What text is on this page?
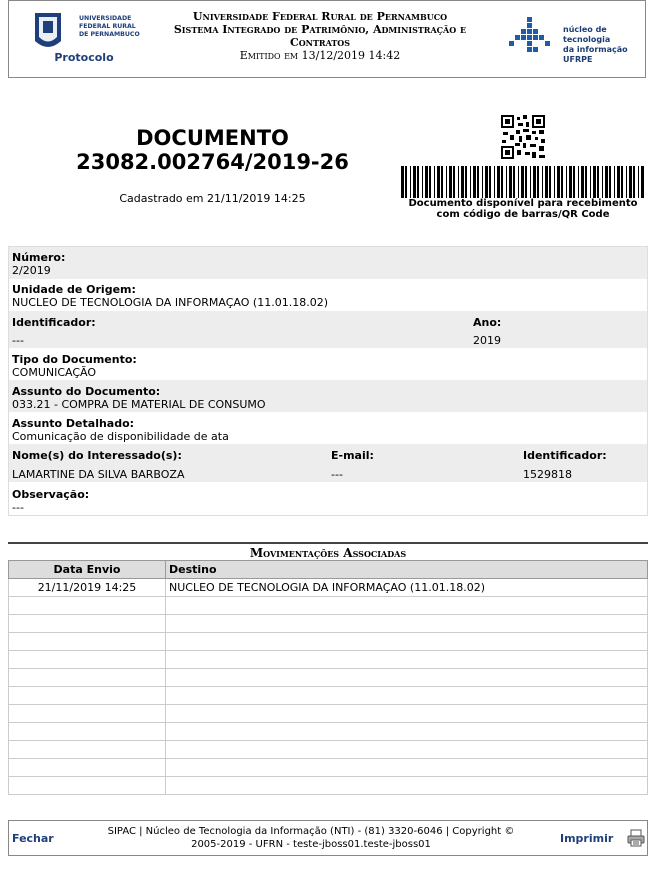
UNIVERSIDADE
FEDERAL RURAL
DE PERNAMBUCO
Protocolo
Universidade Federal Rural de Pernambuco
Sistema Integrado de Patrimônio, Administração e Contratos
Emitido em 13/12/2019 14:42
núcleo de tecnologia
da informação UFRPE
DOCUMENTO
23082.002764/2019-26
Cadastrado em 21/11/2019 14:25	Documento disponível para recebimento com código de barras/QR Code
Número:
2/2019
Unidade de Origem:
NUCLEO DE TECNOLOGIA DA INFORMAÇAO (11.01.18.02)
Identificador:
---
Ano:
2019
Tipo do Documento:
COMUNICAÇÃO
Assunto do Documento:
033.21 - COMPRA DE MATERIAL DE CONSUMO
Assunto Detalhado:
Comunicação de disponibilidade de ata
Nome(s) do Interessado(s):
LAMARTINE DA SILVA BARBOZA
E-mail:
---
Identificador:
1529818
Observação:
---
Movimentações Associadas
Data Envio	Destino
21/11/2019 14:25	NUCLEO DE TECNOLOGIA DA INFORMAÇAO (11.01.18.02)

Fechar
SIPAC | Núcleo de Tecnologia da Informação (NTI) - (81) 3320-6046 | Copyright ©
2005-2019 - UFRN - teste-jboss01.teste-jboss01	Imprimir
